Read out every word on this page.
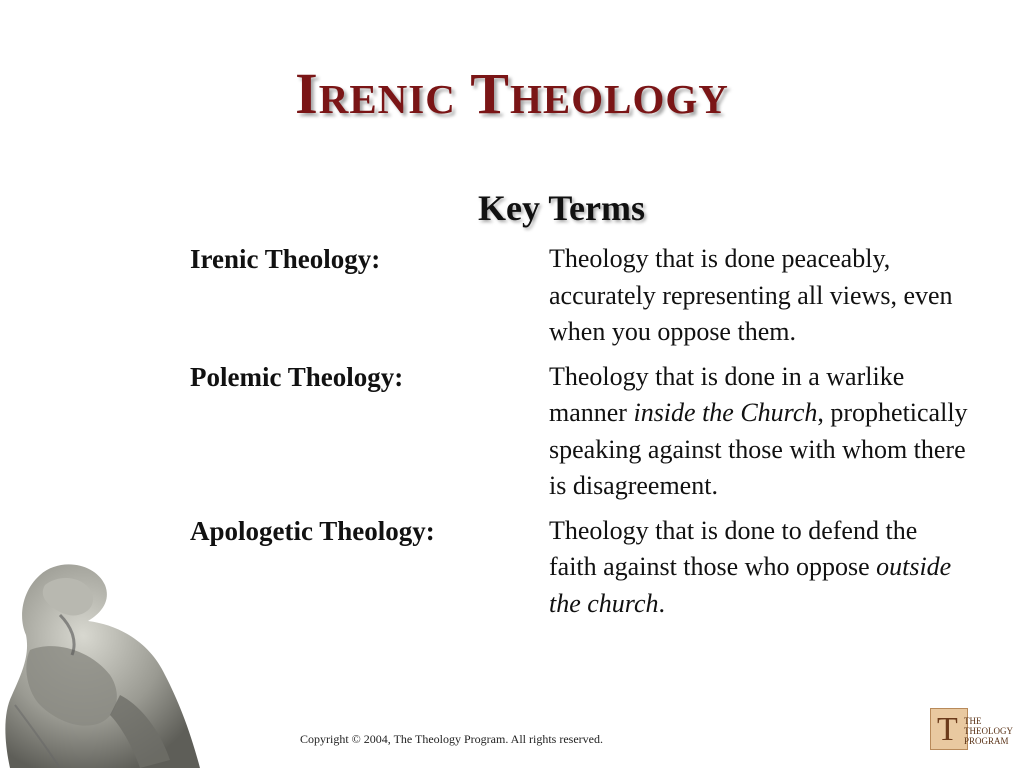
Irenic Theology
Key Terms
Irenic Theology:	Theology that is done peaceably, accurately representing all views, even when you oppose them.
Polemic Theology:	Theology that is done in a warlike manner inside the Church, prophetically speaking against those with whom there is disagreement.
Apologetic Theology:	Theology that is done to defend the faith against those who oppose outside the church.
Copyright © 2004, The Theology Program. All rights reserved.	T THE
THEOLOGY
PROGRAM
